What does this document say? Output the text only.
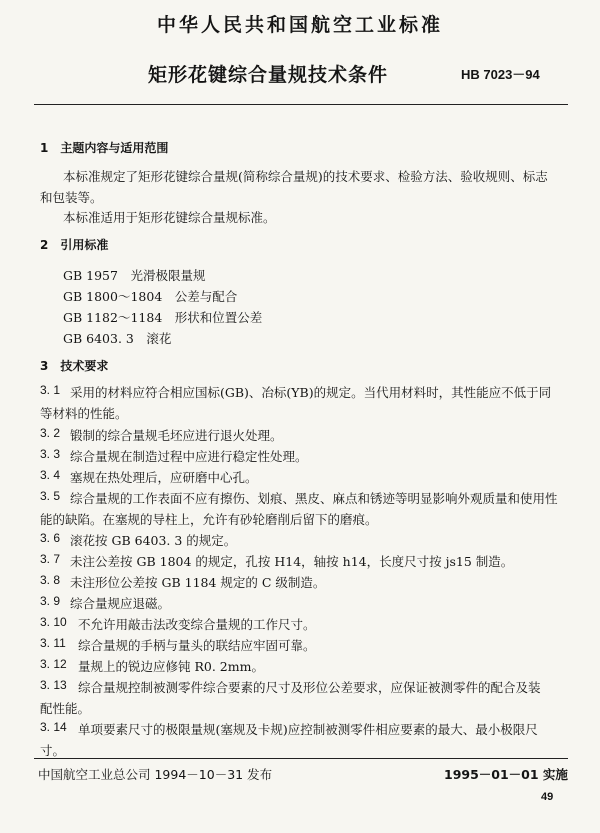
中华人民共和国航空工业标准
矩形花键综合量规技术条件	HB 7023－94
1　主题内容与适用范围
本标准规定了矩形花键综合量规(简称综合量规)的技术要求、检验方法、验收规则、标志
和包装等。
本标准适用于矩形花键综合量规标准。
2　引用标准
GB 1957　光滑极限量规
GB 1800～1804　公差与配合
GB 1182～1184　形状和位置公差
GB 6403. 3　滚花
3　技术要求
3. 1 采用的材料应符合相应国标(GB)、冶标(YB)的规定。当代用材料时，其性能应不低于同
等材料的性能。
3. 2 锻制的综合量规毛坯应进行退火处理。
3. 3 综合量规在制造过程中应进行稳定性处理。
3. 4 塞规在热处理后，应研磨中心孔。
3. 5 综合量规的工作表面不应有擦伤、划痕、黑皮、麻点和锈迹等明显影响外观质量和使用性
能的缺陷。在塞规的导柱上，允许有砂轮磨削后留下的磨痕。
3. 6 滚花按 GB 6403. 3 的规定。
3. 7 未注公差按 GB 1804 的规定，孔按 H14，轴按 h14，长度尺寸按 js15 制造。
3. 8 未注形位公差按 GB 1184 规定的 C 级制造。
3. 9 综合量规应退磁。
3. 10 不允许用敲击法改变综合量规的工作尺寸。
3. 11 综合量规的手柄与量头的联结应牢固可靠。
3. 12 量规上的锐边应修钝 R0. 2mm。
3. 13 综合量规控制被测零件综合要素的尺寸及形位公差要求，应保证被测零件的配合及装
配性能。
3. 14 单项要素尺寸的极限量规(塞规及卡规)应控制被测零件相应要素的最大、最小极限尺
寸。
中国航空工业总公司 1994－10－31 发布	1995－01－01 实施
49
